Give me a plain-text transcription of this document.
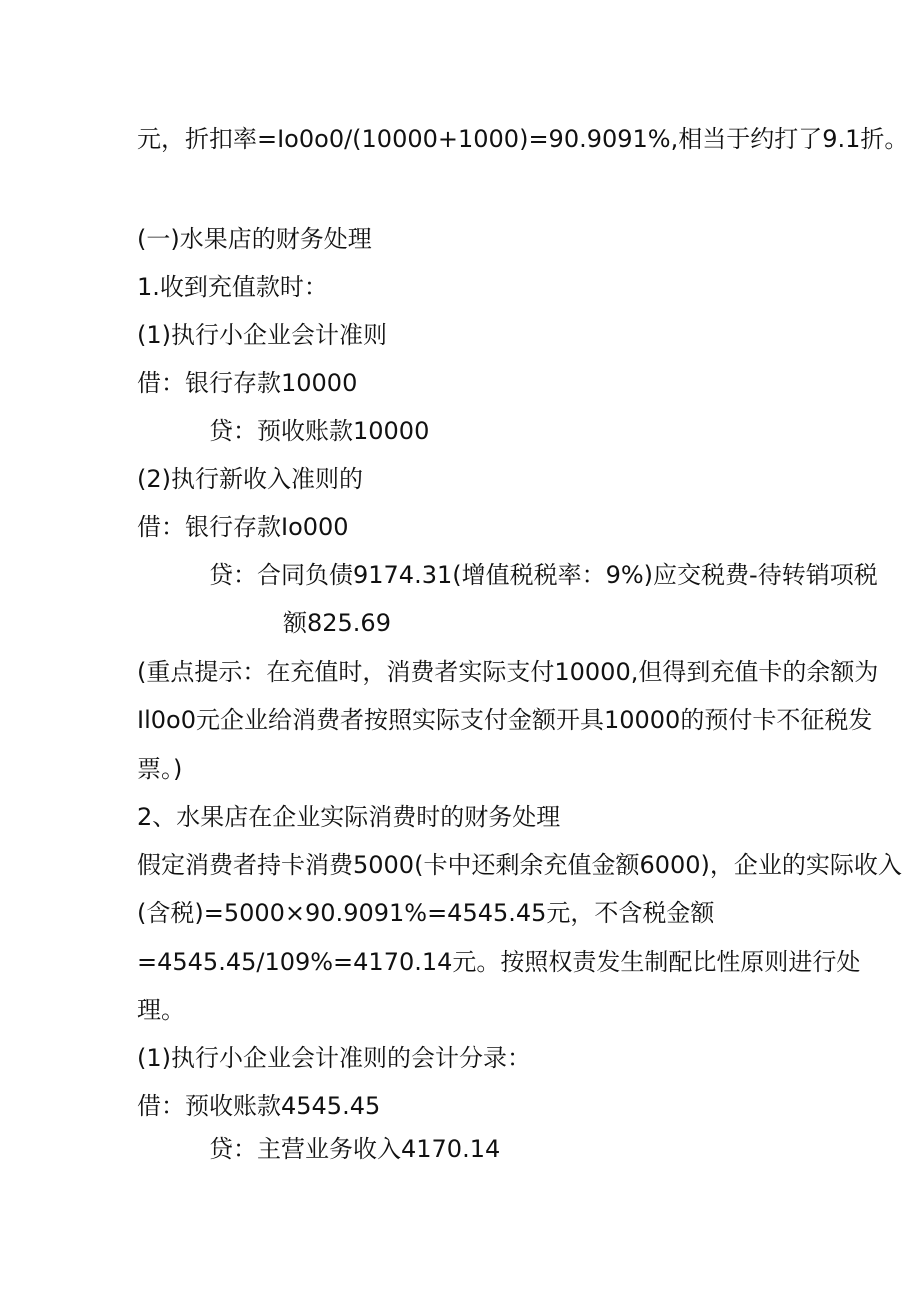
元，折扣率=Io0o0/(10000+1000)=90.9091%,相当于约打了9.1折。
(一)水果店的财务处理
1.收到充值款时：
(1)执行小企业会计准则
借：银行存款10000
贷：预收账款10000
(2)执行新收入准则的
借：银行存款Io000
贷：合同负债9174.31(增值税税率：9%)应交税费-待转销项税
额825.69
(重点提示：在充值时，消费者实际支付10000,但得到充值卡的余额为
Il0o0元企业给消费者按照实际支付金额开具10000的预付卡不征税发
票。)
2、水果店在企业实际消费时的财务处理
假定消费者持卡消费5000(卡中还剩余充值金额6000)，企业的实际收入
(含税)=5000×90.9091%=4545.45元，不含税金额
=4545.45/109%=4170.14元。按照权责发生制配比性原则进行处
理。
(1)执行小企业会计准则的会计分录：
借：预收账款4545.45
贷：主营业务收入4170.14
